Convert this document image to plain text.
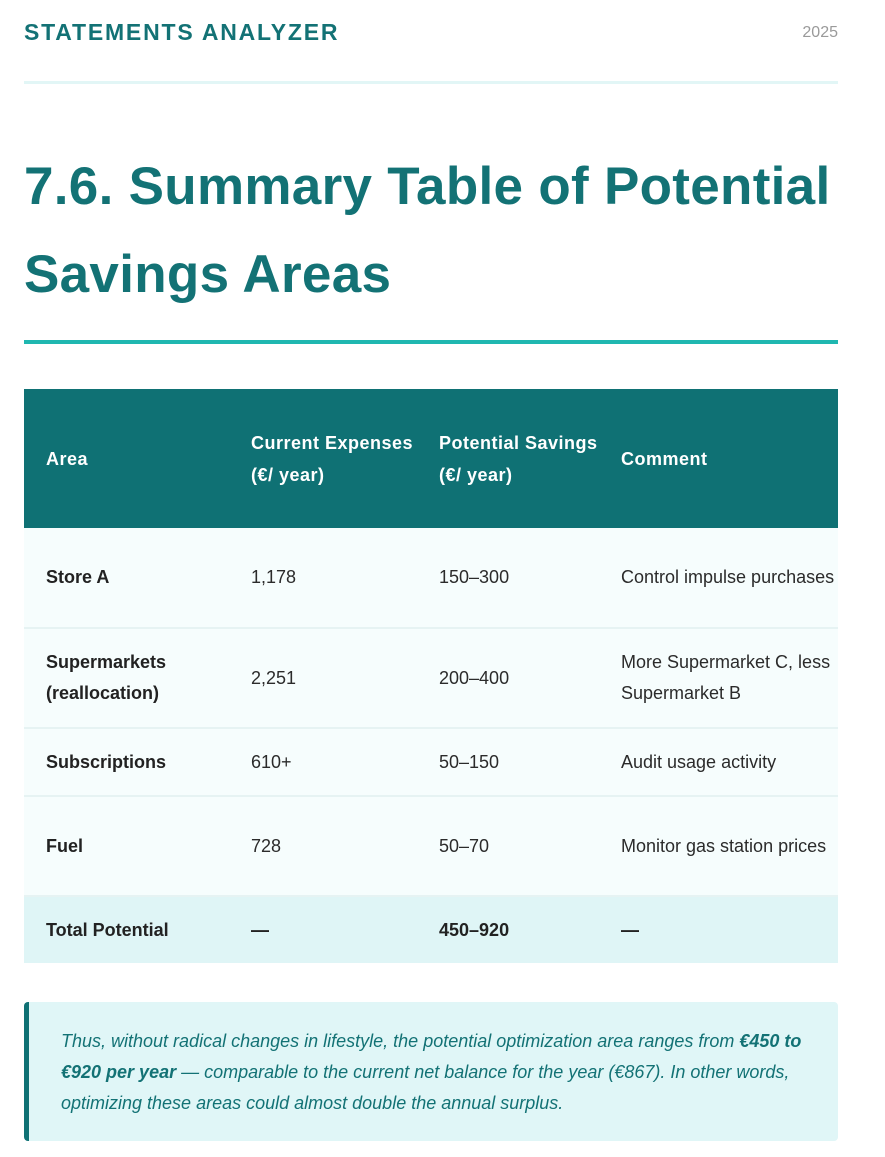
STATEMENTS ANALYZER	2025
7.6. Summary Table of Potential Savings Areas
Area	Current Expenses (€/ year)	Potential Savings (€/ year)	Comment
Store A	1,178	150–300	Control impulse purchases
Supermarkets (reallocation)	2,251	200–400	More Supermarket C, less Supermarket B
Subscriptions	610+	50–150	Audit usage activity
Fuel	728	50–70	Monitor gas station prices
Total Potential	—	450–920	—

Thus, without radical changes in lifestyle, the potential optimization area ranges from €450 to €920 per year — comparable to the current net balance for the year (€867). In other words, optimizing these areas could almost double the annual surplus.
